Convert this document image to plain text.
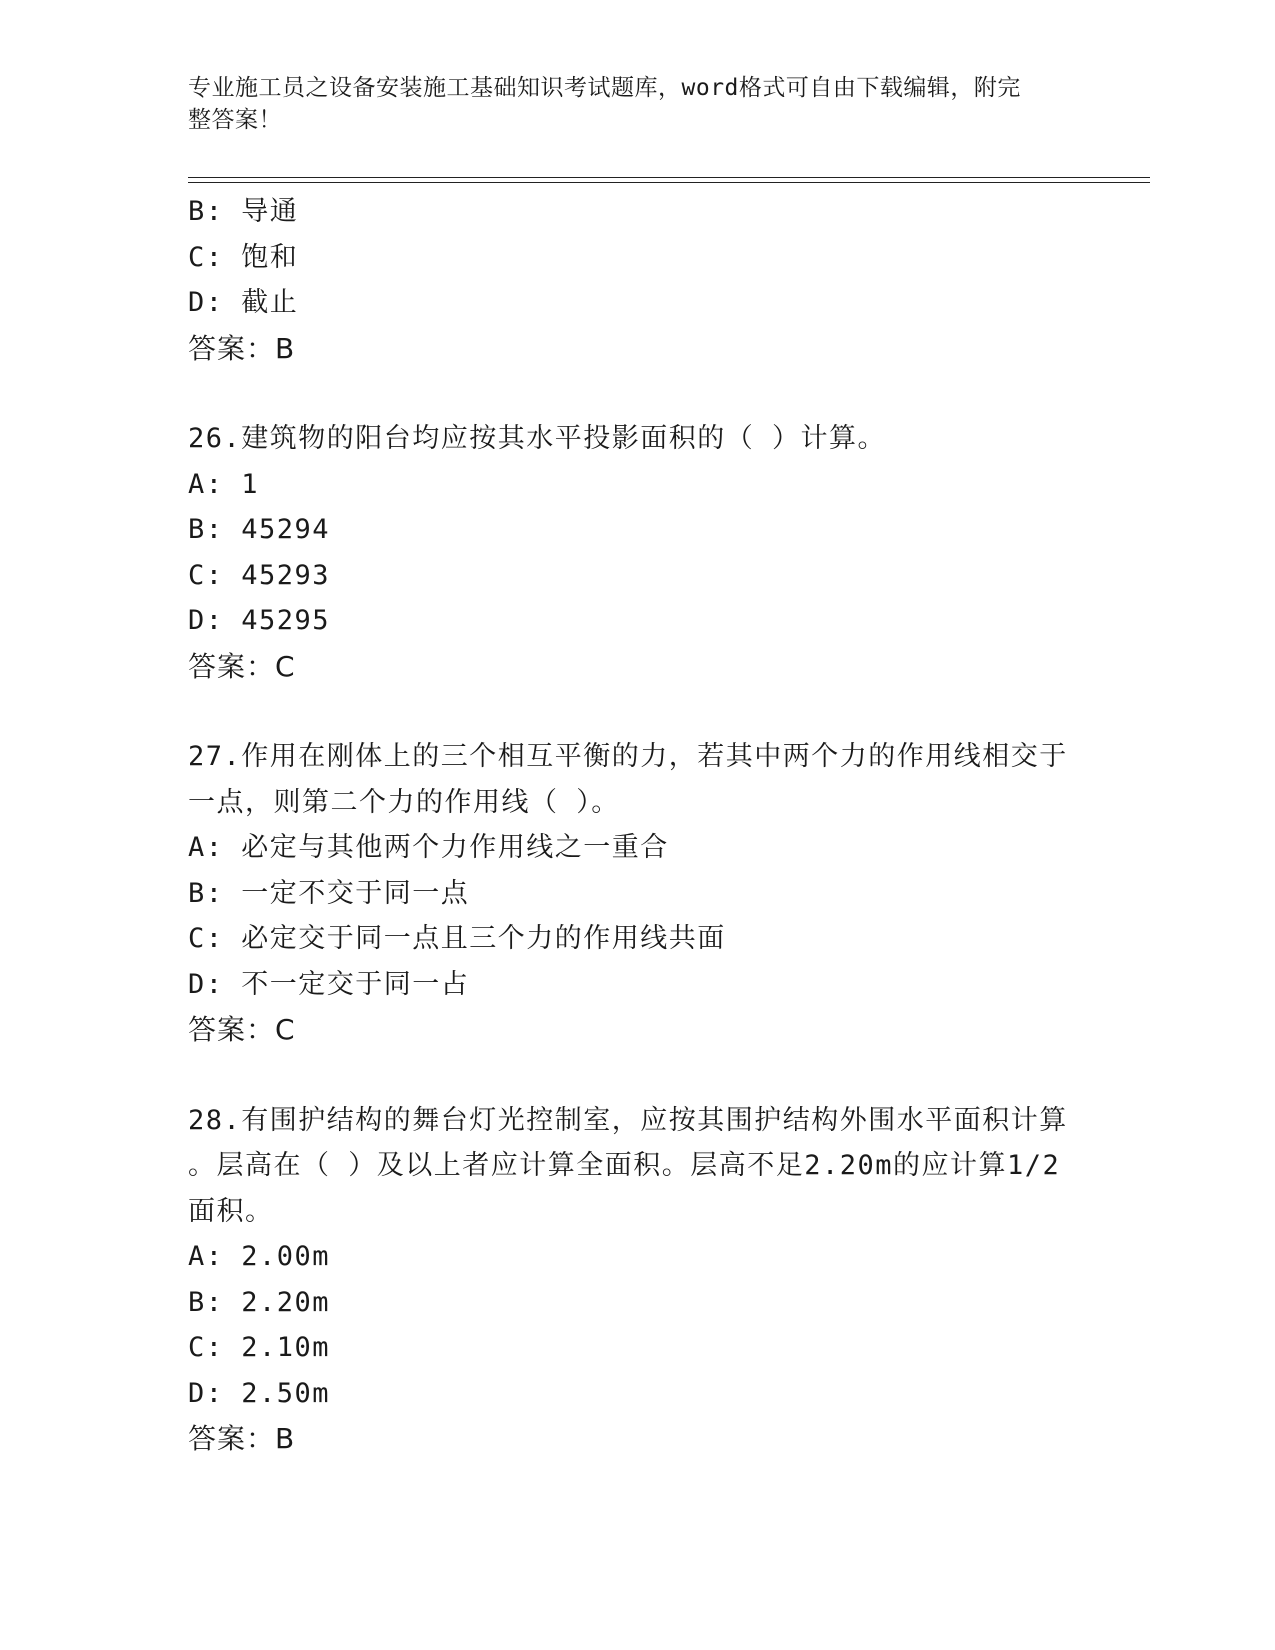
专业施工员之设备安装施工基础知识考试题库，word格式可自由下载编辑，附完
整答案！
B: 导通
C: 饱和
D: 截止
答案：B
26.建筑物的阳台均应按其水平投影面积的（ ）计算。
A: 1
B: 45294
C: 45293
D: 45295
答案：C
27.作用在刚体上的三个相互平衡的力，若其中两个力的作用线相交于
一点，则第二个力的作用线（ ）。
A: 必定与其他两个力作用线之一重合
B: 一定不交于同一点
C: 必定交于同一点且三个力的作用线共面
D: 不一定交于同一占
答案：C
28.有围护结构的舞台灯光控制室，应按其围护结构外围水平面积计算
。层高在（ ）及以上者应计算全面积。层高不足2.20m的应计算1/2
面积。
A: 2.00m
B: 2.20m
C: 2.10m
D: 2.50m
答案：B
